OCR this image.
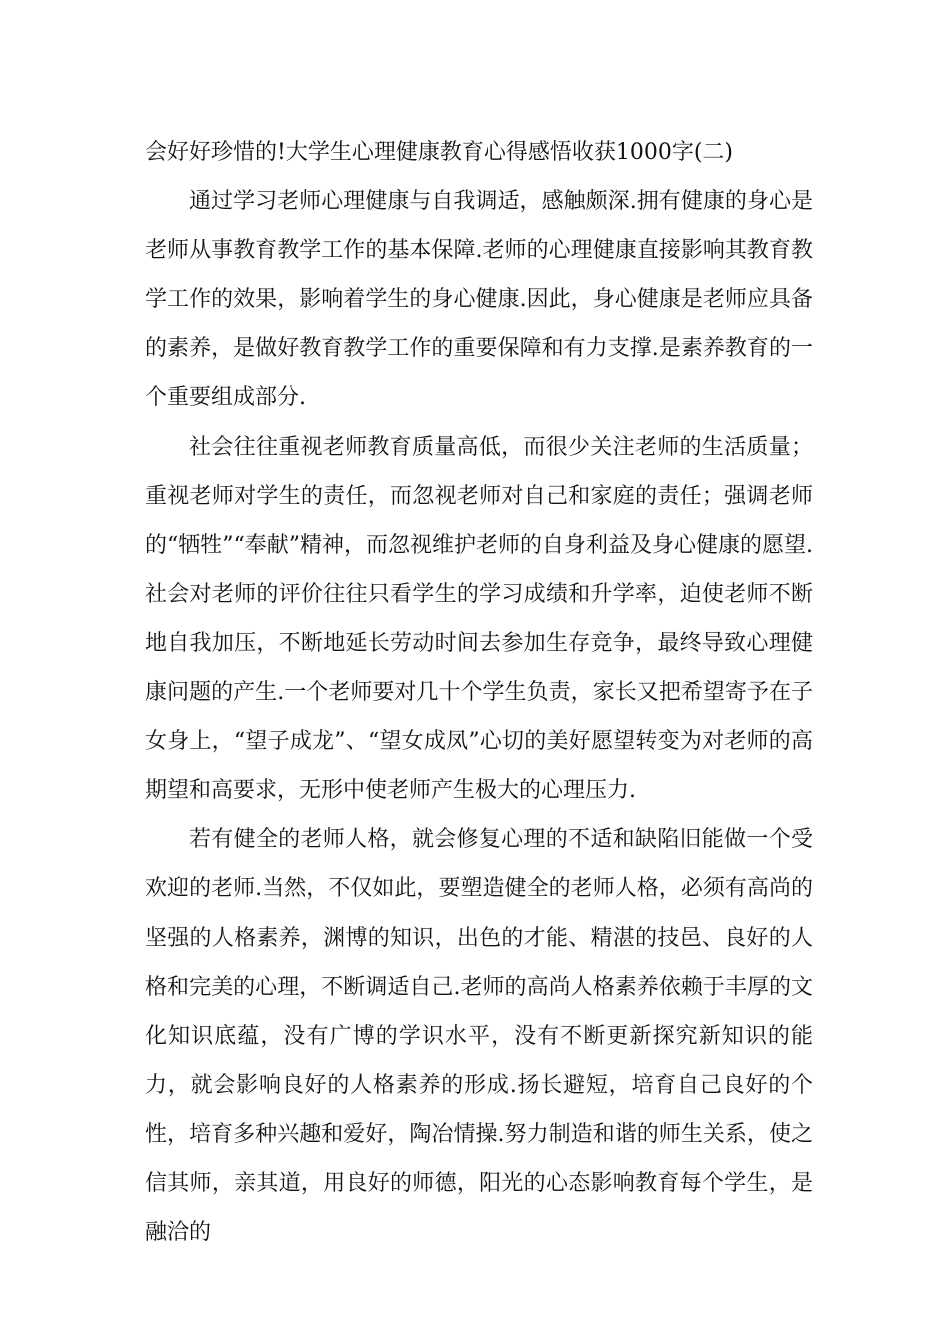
会好好珍惜的!大学生心理健康教育心得感悟收获1000字(二)

通过学习老师心理健康与自我调适，感触颇深.拥有健康的身心是老师从事教育教学工作的基本保障.老师的心理健康直接影响其教育教学工作的效果，影响着学生的身心健康.因此，身心健康是老师应具备的素养，是做好教育教学工作的重要保障和有力支撑.是素养教育的一个重要组成部分.

社会往往重视老师教育质量高低，而很少关注老师的生活质量；重视老师对学生的责任，而忽视老师对自己和家庭的责任；强调老师的“牺牲”“奉献”精神，而忽视维护老师的自身利益及身心健康的愿望.社会对老师的评价往往只看学生的学习成绩和升学率，迫使老师不断地自我加压，不断地延长劳动时间去参加生存竞争，最终导致心理健康问题的产生.一个老师要对几十个学生负责，家长又把希望寄予在子女身上，“望子成龙”、“望女成凤”心切的美好愿望转变为对老师的高期望和高要求，无形中使老师产生极大的心理压力.

若有健全的老师人格，就会修复心理的不适和缺陷旧能做一个受欢迎的老师.当然，不仅如此，要塑造健全的老师人格，必须有高尚的坚强的人格素养，渊博的知识，出色的才能、精湛的技邑、良好的人格和完美的心理，不断调适自己.老师的高尚人格素养依赖于丰厚的文化知识底蕴，没有广博的学识水平，没有不断更新探究新知识的能力，就会影响良好的人格素养的形成.扬长避短，培育自己良好的个性，培育多种兴趣和爱好，陶冶情操.努力制造和谐的师生关系，使之信其师，亲其道，用良好的师德，阳光的心态影响教育每个学生，是融洽的
